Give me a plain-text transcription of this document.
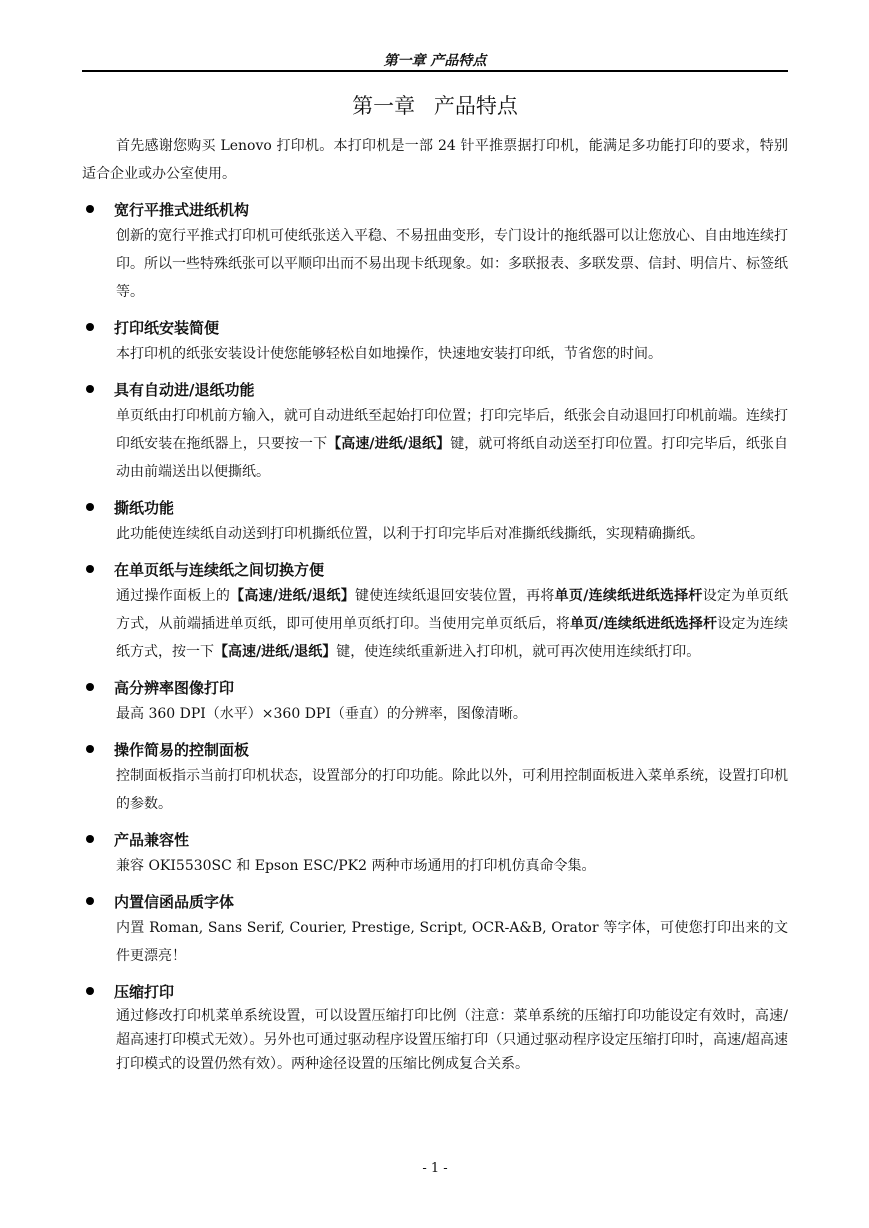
第一章 产品特点
第一章 产品特点

首先感谢您购买 Lenovo 打印机。本打印机是一部 24 针平推票据打印机，能满足多功能打印的要求，特别适合企业或办公室使用。

宽行平推式进纸机构

创新的宽行平推式打印机可使纸张送入平稳、不易扭曲变形，专门设计的拖纸器可以让您放心、自由地连续打印。所以一些特殊纸张可以平顺印出而不易出现卡纸现象。如：多联报表、多联发票、信封、明信片、标签纸等。

打印纸安装简便

本打印机的纸张安装设计使您能够轻松自如地操作，快速地安装打印纸，节省您的时间。

具有自动进/退纸功能

单页纸由打印机前方输入，就可自动进纸至起始打印位置；打印完毕后，纸张会自动退回打印机前端。连续打印纸安装在拖纸器上，只要按一下【高速/进纸/退纸】键，就可将纸自动送至打印位置。打印完毕后，纸张自动由前端送出以便撕纸。

撕纸功能

此功能使连续纸自动送到打印机撕纸位置，以利于打印完毕后对准撕纸线撕纸，实现精确撕纸。

在单页纸与连续纸之间切换方便

通过操作面板上的【高速/进纸/退纸】键使连续纸退回安装位置，再将单页/连续纸进纸选择杆设定为单页纸方式，从前端插进单页纸，即可使用单页纸打印。当使用完单页纸后，将单页/连续纸进纸选择杆设定为连续纸方式，按一下【高速/进纸/退纸】键，使连续纸重新进入打印机，就可再次使用连续纸打印。

高分辨率图像打印

最高 360 DPI（水平）×360 DPI（垂直）的分辨率，图像清晰。

操作简易的控制面板

控制面板指示当前打印机状态，设置部分的打印功能。除此以外，可利用控制面板进入菜单系统，设置打印机的参数。

产品兼容性

兼容 OKI5530SC 和 Epson ESC/PK2 两种市场通用的打印机仿真命令集。

内置信函品质字体

内置 Roman, Sans Serif, Courier, Prestige, Script, OCR-A&B, Orator 等字体，可使您打印出来的文件更漂亮！

压缩打印

通过修改打印机菜单系统设置，可以设置压缩打印比例（注意：菜单系统的压缩打印功能设定有效时，高速/超高速打印模式无效）。另外也可通过驱动程序设置压缩打印（只通过驱动程序设定压缩打印时，高速/超高速打印模式的设置仍然有效）。两种途径设置的压缩比例成复合关系。

- 1 -
